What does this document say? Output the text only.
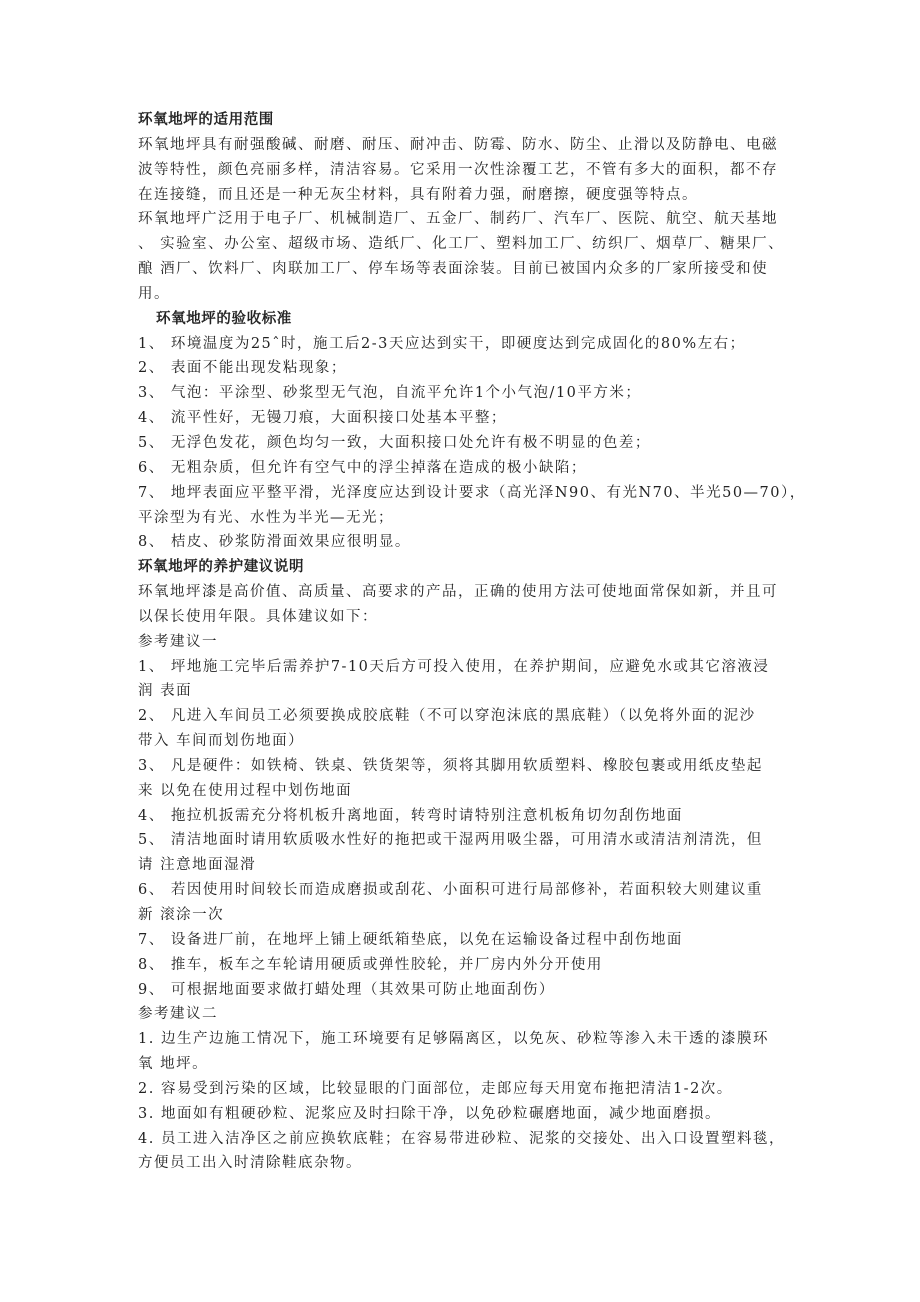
环氧地坪的适用范围
环氧地坪具有耐强酸碱、耐磨、耐压、耐冲击、防霉、防水、防尘、止滑以及防静电、电磁
波等特性，颜色亮丽多样，清洁容易。它采用一次性涂覆工艺，不管有多大的面积，都不存
在连接缝，而且还是一种无灰尘材料，具有附着力强，耐磨擦，硬度强等特点。
环氧地坪广泛用于电子厂、机械制造厂、五金厂、制药厂、汽车厂、医院、航空、航天基地
、 实验室、办公室、超级市场、造纸厂、化工厂、塑料加工厂、纺织厂、烟草厂、糖果厂、
酿 酒厂、饮料厂、肉联加工厂、停车场等表面涂装。目前已被国内众多的厂家所接受和使
用。
环氧地坪的验收标准
1、 环境温度为25ˆ时，施工后2-3天应达到实干，即硬度达到完成固化的80%左右；
2、 表面不能出现发粘现象；
3、 气泡：平涂型、砂浆型无气泡，自流平允许1个小气泡/10平方米；
4、 流平性好，无镘刀痕，大面积接口处基本平整；
5、 无浮色发花，颜色均匀一致，大面积接口处允许有极不明显的色差；
6、 无粗杂质，但允许有空气中的浮尘掉落在造成的极小缺陷；
7、 地坪表面应平整平滑，光泽度应达到设计要求（高光泽N90、有光N70、半光50—70），
平涂型为有光、水性为半光—无光；
8、 桔皮、砂浆防滑面效果应很明显。
环氧地坪的养护建议说明
环氧地坪漆是高价值、高质量、高要求的产品，正确的使用方法可使地面常保如新，并且可
以保长使用年限。具体建议如下：
参考建议一
1、 坪地施工完毕后需养护7-10天后方可投入使用，在养护期间，应避免水或其它溶液浸
润 表面
2、 凡进入车间员工必须要换成胶底鞋（不可以穿泡沫底的黑底鞋）（以免将外面的泥沙
带入 车间而划伤地面）
3、 凡是硬件：如铁椅、铁桌、铁货架等，须将其脚用软质塑料、橡胶包裹或用纸皮垫起
来 以免在使用过程中划伤地面
4、 拖拉机扳需充分将机板升离地面，转弯时请特别注意机板角切勿刮伤地面
5、 清洁地面时请用软质吸水性好的拖把或干湿两用吸尘器，可用清水或清洁剂清洗，但
请 注意地面湿滑
6、 若因使用时间较长而造成磨损或刮花、小面积可进行局部修补，若面积较大则建议重
新 滚涂一次
7、 设备进厂前，在地坪上铺上硬纸箱垫底，以免在运输设备过程中刮伤地面
8、 推车，板车之车轮请用硬质或弹性胶轮，并厂房内外分开使用
9、 可根据地面要求做打蜡处理（其效果可防止地面刮伤）
参考建议二
1. 边生产边施工情况下，施工环境要有足够隔离区，以免灰、砂粒等渗入未干透的漆膜环
氧 地坪。
2. 容易受到污染的区域，比较显眼的门面部位，走郎应每天用宽布拖把清洁1-2次。
3. 地面如有粗硬砂粒、泥浆应及时扫除干净，以免砂粒碾磨地面，减少地面磨损。
4. 员工进入洁净区之前应换软底鞋；在容易带进砂粒、泥浆的交接处、出入口设置塑料毯，
方便员工出入时清除鞋底杂物。
